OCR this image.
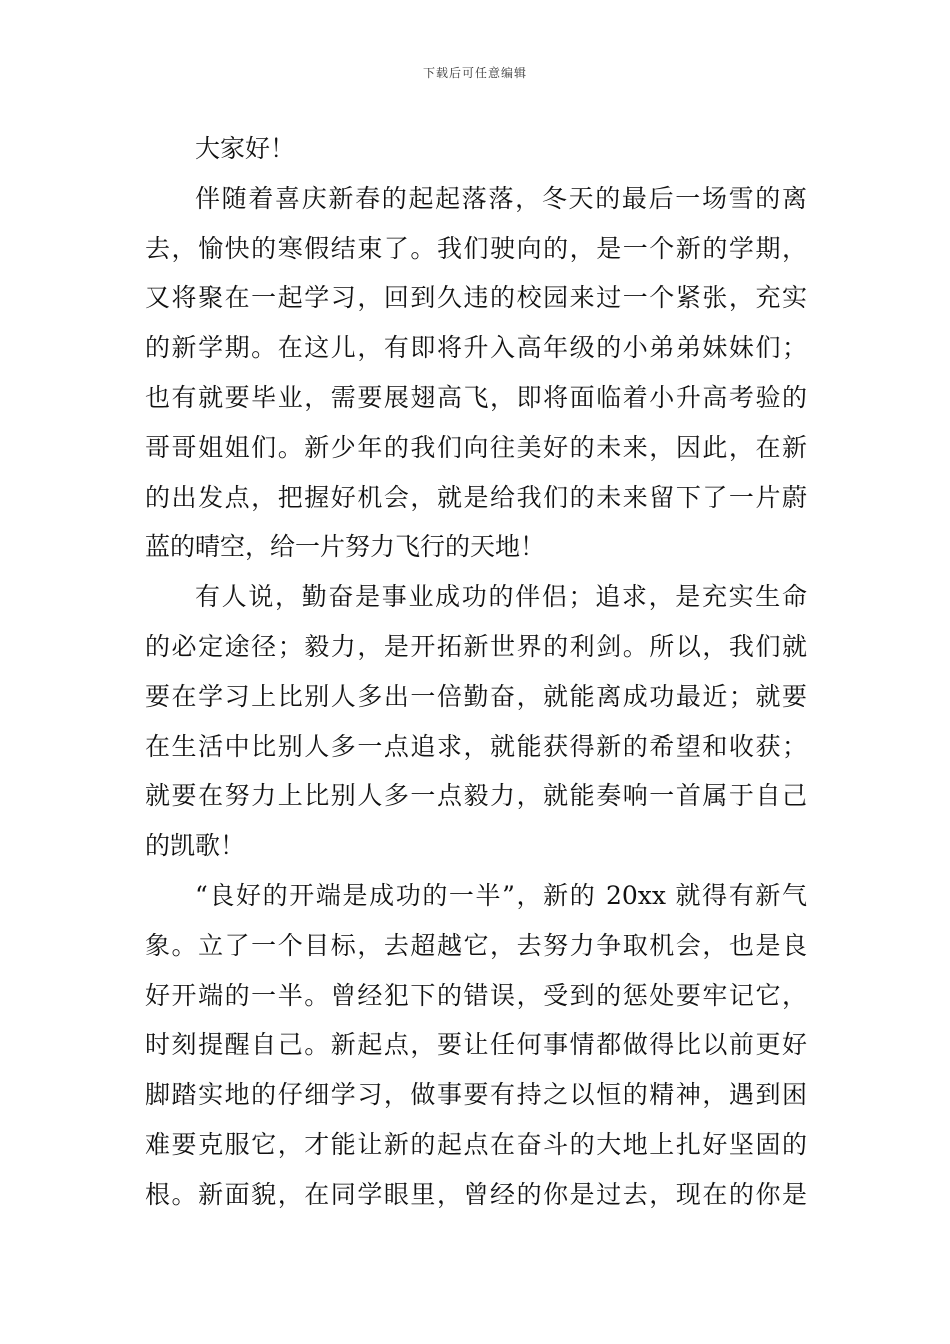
下载后可任意编辑
大家好！
伴随着喜庆新春的起起落落，冬天的最后一场雪的离
去，愉快的寒假结束了。我们驶向的，是一个新的学期，
又将聚在一起学习，回到久违的校园来过一个紧张，充实
的新学期。在这儿，有即将升入高年级的小弟弟妹妹们；
也有就要毕业，需要展翅高飞，即将面临着小升高考验的
哥哥姐姐们。新少年的我们向往美好的未来，因此，在新
的出发点，把握好机会，就是给我们的未来留下了一片蔚
蓝的晴空，给一片努力飞行的天地！
有人说，勤奋是事业成功的伴侣；追求，是充实生命
的必定途径；毅力，是开拓新世界的利剑。所以，我们就
要在学习上比别人多出一倍勤奋，就能离成功最近；就要
在生活中比别人多一点追求，就能获得新的希望和收获；
就要在努力上比别人多一点毅力，就能奏响一首属于自己
的凯歌！
“良好的开端是成功的一半”，新的 20xx 就得有新气
象。立了一个目标，去超越它，去努力争取机会，也是良
好开端的一半。曾经犯下的错误，受到的惩处要牢记它，
时刻提醒自己。新起点，要让任何事情都做得比以前更好
脚踏实地的仔细学习，做事要有持之以恒的精神，遇到困
难要克服它，才能让新的起点在奋斗的大地上扎好坚固的
根。新面貌，在同学眼里，曾经的你是过去，现在的你是
